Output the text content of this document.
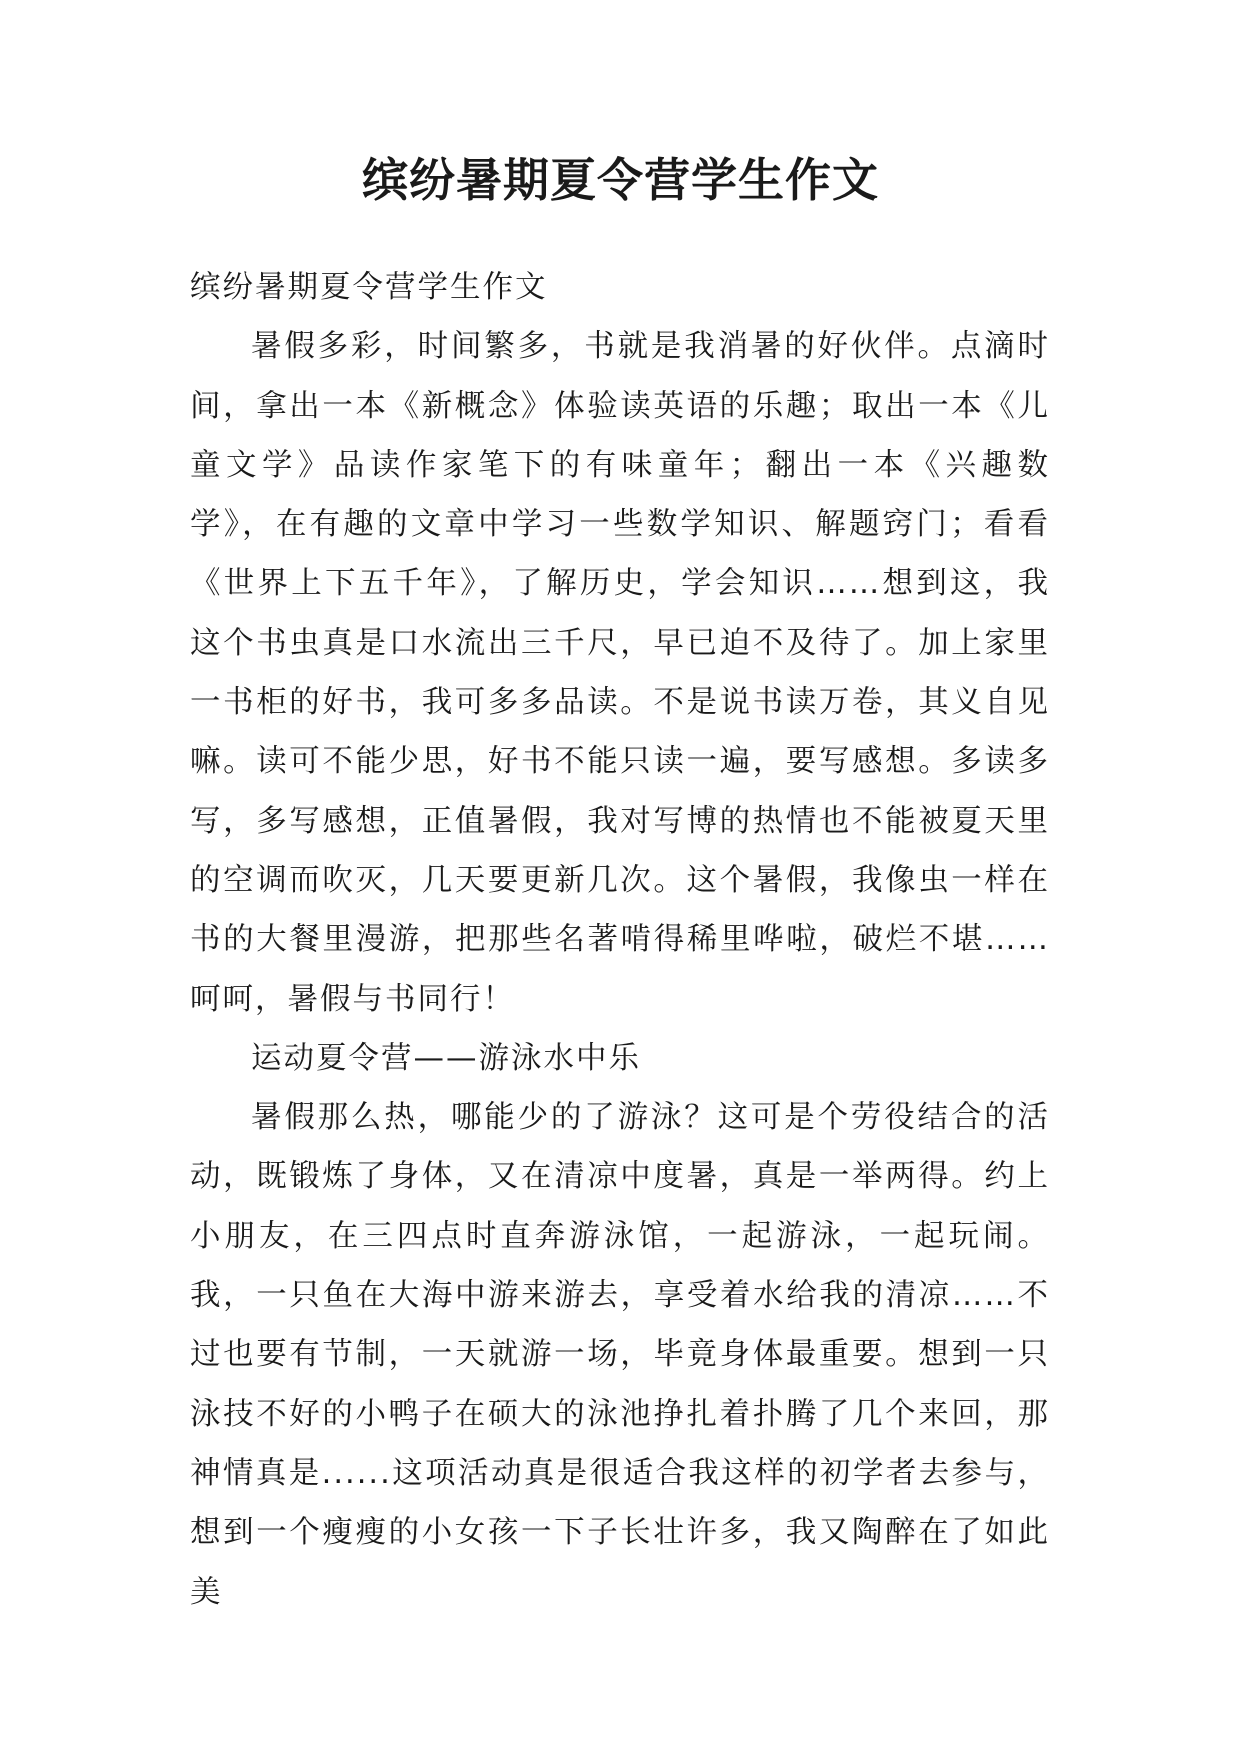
缤纷暑期夏令营学生作文

缤纷暑期夏令营学生作文

暑假多彩，时间繁多，书就是我消暑的好伙伴。点滴时间，拿出一本《新概念》体验读英语的乐趣；取出一本《儿童文学》品读作家笔下的有味童年；翻出一本《兴趣数学》，在有趣的文章中学习一些数学知识、解题窍门；看看《世界上下五千年》，了解历史，学会知识……想到这，我这个书虫真是口水流出三千尺，早已迫不及待了。加上家里一书柜的好书，我可多多品读。不是说书读万卷，其义自见嘛。读可不能少思，好书不能只读一遍，要写感想。多读多写，多写感想，正值暑假，我对写博的热情也不能被夏天里的空调而吹灭，几天要更新几次。这个暑假，我像虫一样在书的大餐里漫游，把那些名著啃得稀里哗啦，破烂不堪……呵呵，暑假与书同行！

运动夏令营——游泳水中乐

暑假那么热，哪能少的了游泳？这可是个劳役结合的活动，既锻炼了身体，又在清凉中度暑，真是一举两得。约上小朋友，在三四点时直奔游泳馆，一起游泳，一起玩闹。我，一只鱼在大海中游来游去，享受着水给我的清凉……不过也要有节制，一天就游一场，毕竟身体最重要。想到一只泳技不好的小鸭子在硕大的泳池挣扎着扑腾了几个来回，那神情真是......这项活动真是很适合我这样的初学者去参与，想到一个瘦瘦的小女孩一下子长壮许多，我又陶醉在了如此美
